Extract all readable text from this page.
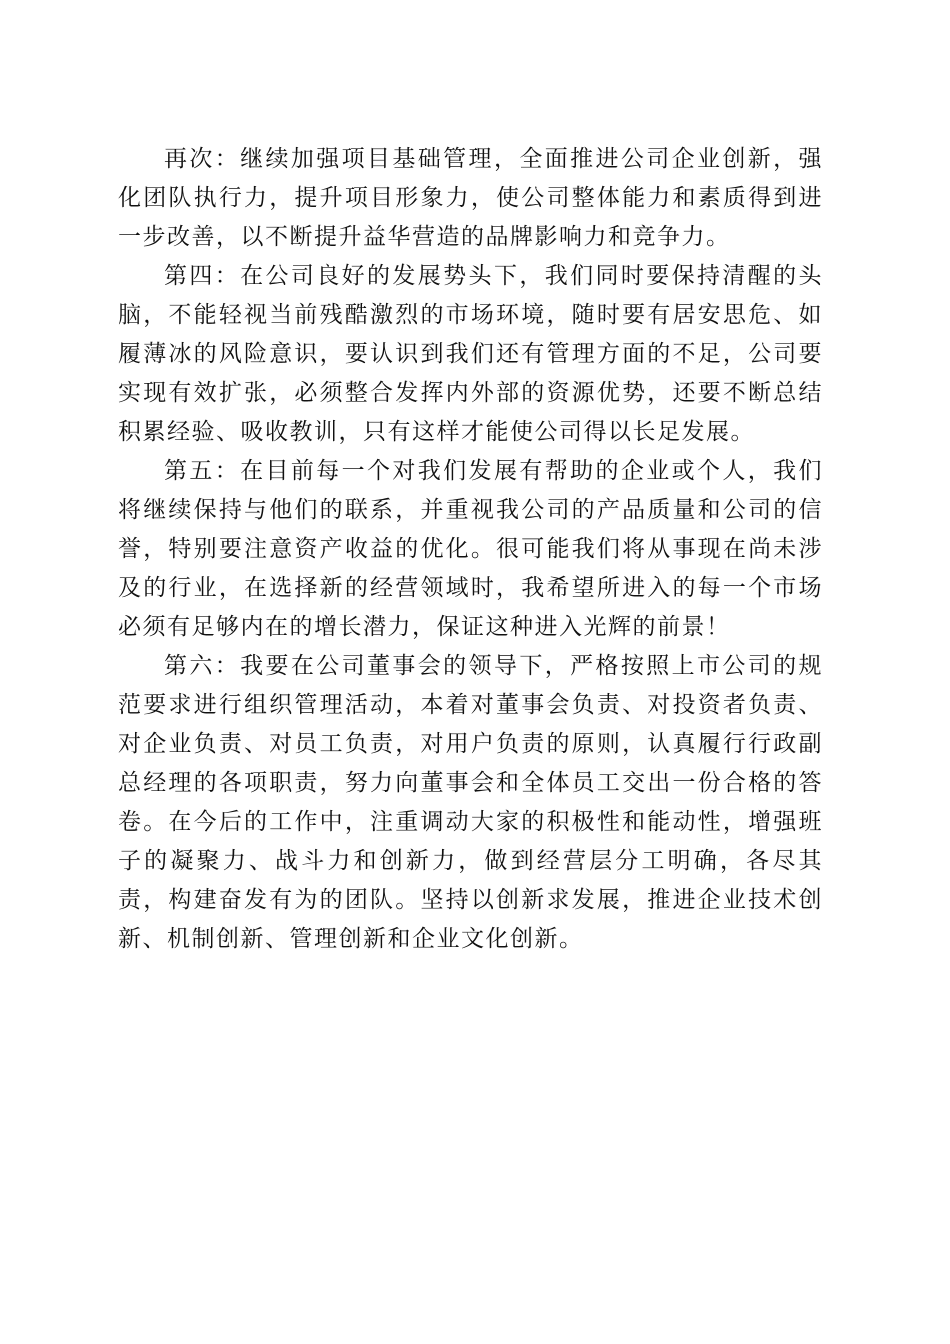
再次：继续加强项目基础管理，全面推进公司企业创新，强化团队执行力，提升项目形象力，使公司整体能力和素质得到进一步改善，以不断提升益华营造的品牌影响力和竞争力。

第四：在公司良好的发展势头下，我们同时要保持清醒的头脑，不能轻视当前残酷激烈的市场环境，随时要有居安思危、如履薄冰的风险意识，要认识到我们还有管理方面的不足，公司要实现有效扩张，必须整合发挥内外部的资源优势，还要不断总结积累经验、吸收教训，只有这样才能使公司得以长足发展。

第五：在目前每一个对我们发展有帮助的企业或个人，我们将继续保持与他们的联系，并重视我公司的产品质量和公司的信誉，特别要注意资产收益的优化。很可能我们将从事现在尚未涉及的行业，在选择新的经营领域时，我希望所进入的每一个市场必须有足够内在的增长潜力，保证这种进入光辉的前景！

第六：我要在公司董事会的领导下，严格按照上市公司的规范要求进行组织管理活动，本着对董事会负责、对投资者负责、对企业负责、对员工负责，对用户负责的原则，认真履行行政副总经理的各项职责，努力向董事会和全体员工交出一份合格的答卷。在今后的工作中，注重调动大家的积极性和能动性，增强班子的凝聚力、战斗力和创新力，做到经营层分工明确，各尽其责，构建奋发有为的团队。坚持以创新求发展，推进企业技术创新、机制创新、管理创新和企业文化创新。
